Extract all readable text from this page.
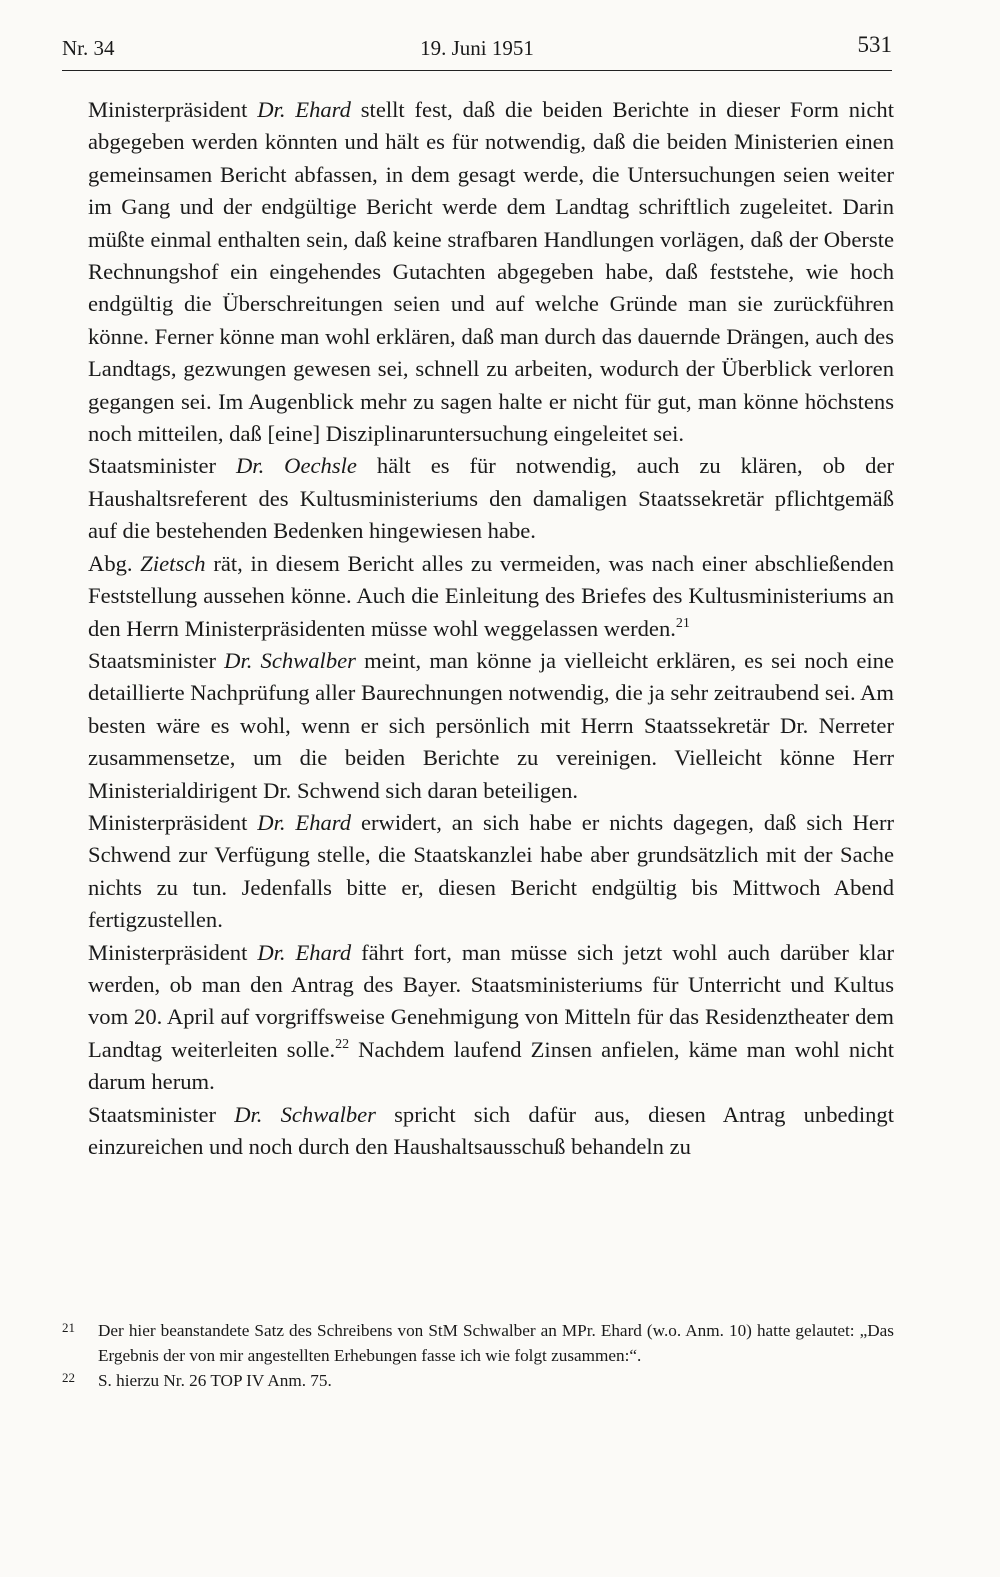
Nr. 34	19. Juni 1951	531

Ministerpräsident Dr. Ehard stellt fest, daß die beiden Berichte in dieser Form nicht abgegeben werden könnten und hält es für notwendig, daß die beiden Ministerien einen gemeinsamen Bericht abfassen, in dem gesagt werde, die Untersuchungen seien weiter im Gang und der endgültige Bericht werde dem Landtag schriftlich zugeleitet. Darin müßte einmal enthalten sein, daß keine strafbaren Handlungen vorlägen, daß der Oberste Rechnungshof ein eingehendes Gutachten abgegeben habe, daß feststehe, wie hoch endgültig die Überschreitungen seien und auf welche Gründe man sie zurückführen könne. Ferner könne man wohl erklären, daß man durch das dauernde Drängen, auch des Landtags, gezwungen gewesen sei, schnell zu arbeiten, wodurch der Überblick verloren gegangen sei. Im Augenblick mehr zu sagen halte er nicht für gut, man könne höchstens noch mitteilen, daß [eine] Disziplinaruntersuchung eingeleitet sei.

Staatsminister Dr. Oechsle hält es für notwendig, auch zu klären, ob der Haushaltsreferent des Kultusministeriums den damaligen Staatssekretär pflichtgemäß auf die bestehenden Bedenken hingewiesen habe.

Abg. Zietsch rät, in diesem Bericht alles zu vermeiden, was nach einer abschließenden Feststellung aussehen könne. Auch die Einleitung des Briefes des Kultusministeriums an den Herrn Ministerpräsidenten müsse wohl weggelassen werden.$^{21}$

Staatsminister Dr. Schwalber meint, man könne ja vielleicht erklären, es sei noch eine detaillierte Nachprüfung aller Baurechnungen notwendig, die ja sehr zeitraubend sei. Am besten wäre es wohl, wenn er sich persönlich mit Herrn Staatssekretär Dr. Nerreter zusammensetze, um die beiden Berichte zu vereinigen. Vielleicht könne Herr Ministerialdirigent Dr. Schwend sich daran beteiligen.

Ministerpräsident Dr. Ehard erwidert, an sich habe er nichts dagegen, daß sich Herr Schwend zur Verfügung stelle, die Staatskanzlei habe aber grundsätzlich mit der Sache nichts zu tun. Jedenfalls bitte er, diesen Bericht endgültig bis Mittwoch Abend fertigzustellen.

Ministerpräsident Dr. Ehard fährt fort, man müsse sich jetzt wohl auch darüber klar werden, ob man den Antrag des Bayer. Staatsministeriums für Unterricht und Kultus vom 20. April auf vorgriffsweise Genehmigung von Mitteln für das Residenztheater dem Landtag weiterleiten solle.$^{22}$ Nachdem laufend Zinsen anfielen, käme man wohl nicht darum herum.

Staatsminister Dr. Schwalber spricht sich dafür aus, diesen Antrag unbedingt einzureichen und noch durch den Haushaltsausschuß behandeln zu

21 Der hier beanstandete Satz des Schreibens von StM Schwalber an MPr. Ehard (w.o. Anm. 10) hatte gelautet: „Das Ergebnis der von mir angestellten Erhebungen fasse ich wie folgt zusammen:“.
22 S. hierzu Nr. 26 TOP IV Anm. 75.
